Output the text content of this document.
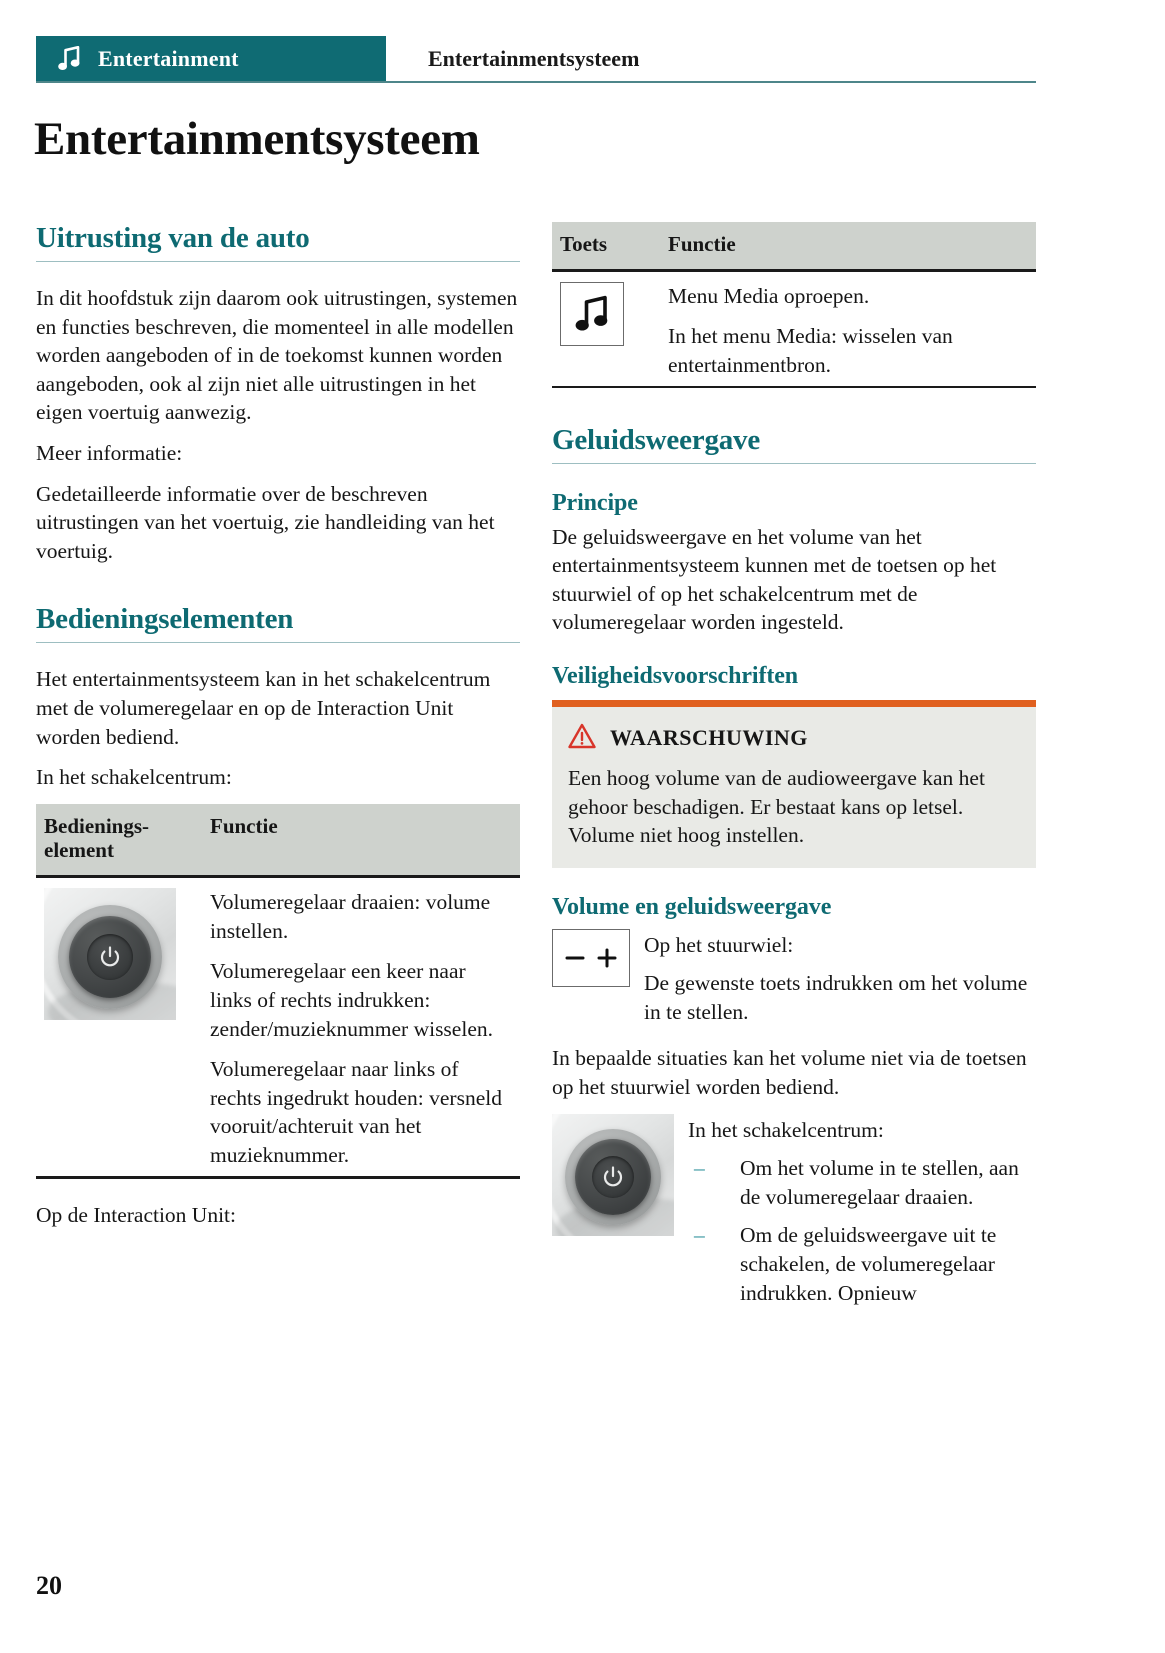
Entertainment	Entertainmentsysteem
Entertainmentsysteem
Uitrusting van de auto

In dit hoofdstuk zijn daarom ook uitrustingen, systemen en functies beschreven, die momenteel in alle modellen worden aangeboden of in de toekomst kunnen worden aangeboden, ook al zijn niet alle uitrustingen in het eigen voertuig aanwezig.

Meer informatie:

Gedetailleerde informatie over de beschreven uitrustingen van het voertuig, zie handleiding van het voertuig.

Bedieningselementen

Het entertainmentsysteem kan in het schakelcentrum met de volumeregelaar en op de Interaction Unit worden bediend.

In het schakelcentrum:

Bedienings-
element	Functie

Volumeregelaar draaien: volume instellen.

Volumeregelaar een keer naar links of rechts indrukken: zender/muzieknummer wisselen.

Volumeregelaar naar links of rechts ingedrukt houden: versneld vooruit/achteruit van het muzieknummer.

Op de Interaction Unit:

Toets	Functie

Menu Media oproepen.

In het menu Media: wisselen van entertainmentbron.

Geluidsweergave
Principe

De geluidsweergave en het volume van het entertainmentsysteem kunnen met de toetsen op het stuurwiel of op het schakelcentrum met de volumeregelaar worden ingesteld.

Veiligheidsvoorschriften
WAARSCHUWING

Een hoog volume van de audioweergave kan het gehoor beschadigen. Er bestaat kans op letsel. Volume niet hoog instellen.

Volume en geluidsweergave

Op het stuurwiel:

De gewenste toets indrukken om het volume in te stellen.

In bepaalde situaties kan het volume niet via de toetsen op het stuurwiel worden bediend.

In het schakelcentrum:

– Om het volume in te stellen, aan de volumeregelaar draaien.
– Om de geluidsweergave uit te schakelen, de volumeregelaar indrukken. Opnieuw
20
